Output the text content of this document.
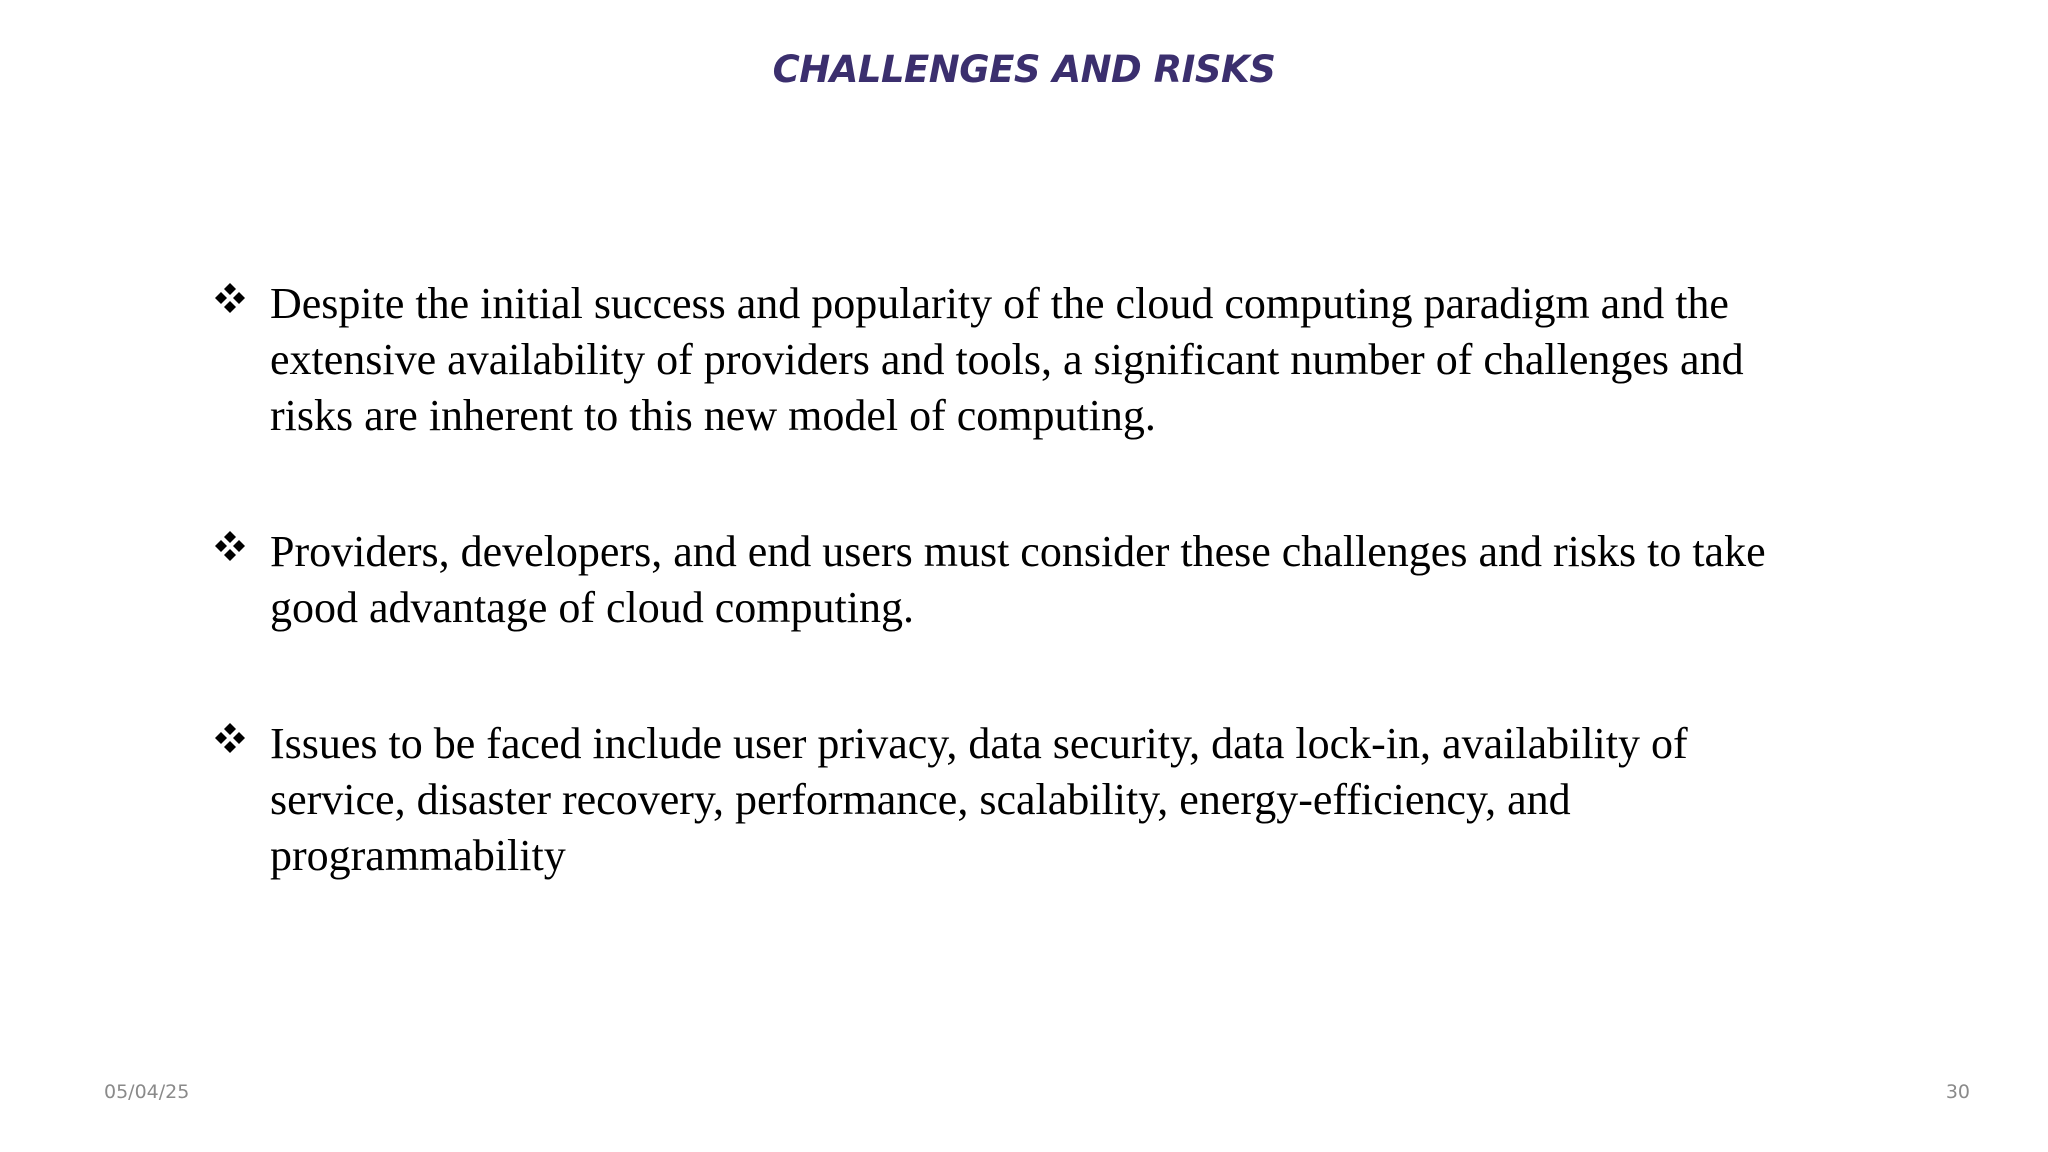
CHALLENGES AND RISKS
Despite the initial success and popularity of the cloud computing paradigm and the extensive availability of providers and tools, a significant number of challenges and risks are inherent to this new model of computing.
Providers, developers, and end users must consider these challenges and risks to take good advantage of cloud computing.
Issues to be faced include user privacy, data security, data lock-in, availability of service, disaster recovery, performance, scalability, energy-efficiency, and programmability
05/04/25	30
